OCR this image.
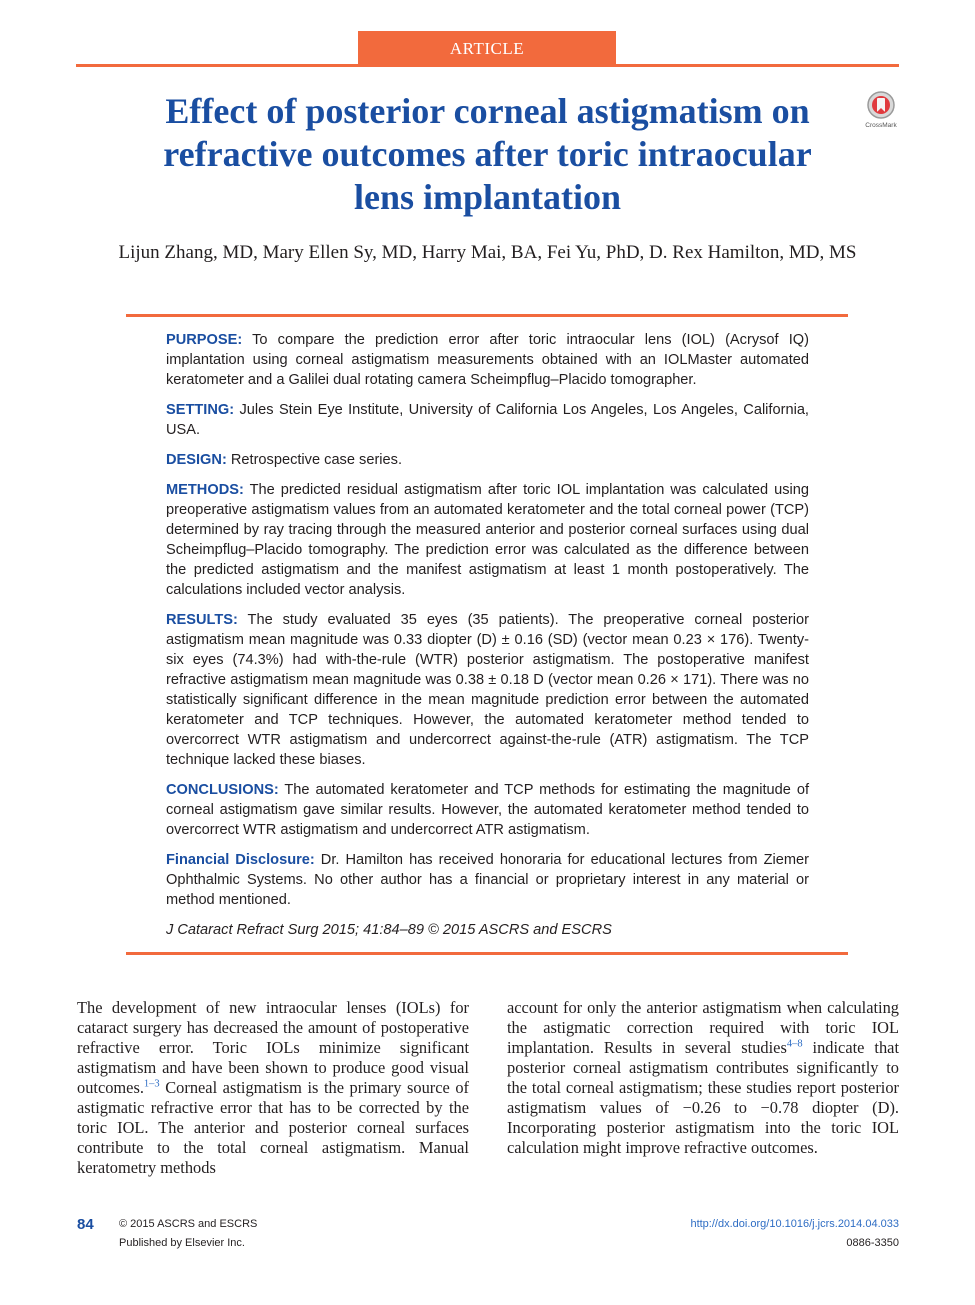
ARTICLE
Effect of posterior corneal astigmatism on refractive outcomes after toric intraocular lens implantation
CrossMark

Lijun Zhang, MD, Mary Ellen Sy, MD, Harry Mai, BA, Fei Yu, PhD, D. Rex Hamilton, MD, MS

PURPOSE: To compare the prediction error after toric intraocular lens (IOL) (Acrysof IQ) implantation using corneal astigmatism measurements obtained with an IOLMaster automated keratometer and a Galilei dual rotating camera Scheimpflug–Placido tomographer.

SETTING: Jules Stein Eye Institute, University of California Los Angeles, Los Angeles, California, USA.

DESIGN: Retrospective case series.

METHODS: The predicted residual astigmatism after toric IOL implantation was calculated using preoperative astigmatism values from an automated keratometer and the total corneal power (TCP) determined by ray tracing through the measured anterior and posterior corneal surfaces using dual Scheimpflug–Placido tomography. The prediction error was calculated as the difference between the predicted astigmatism and the manifest astigmatism at least 1 month postoperatively. The calculations included vector analysis.

RESULTS: The study evaluated 35 eyes (35 patients). The preoperative corneal posterior astigmatism mean magnitude was 0.33 diopter (D) ± 0.16 (SD) (vector mean 0.23 × 176). Twenty-six eyes (74.3%) had with-the-rule (WTR) posterior astigmatism. The postoperative manifest refractive astigmatism mean magnitude was 0.38 ± 0.18 D (vector mean 0.26 × 171). There was no statistically significant difference in the mean magnitude prediction error between the automated keratometer and TCP techniques. However, the automated keratometer method tended to overcorrect WTR astigmatism and undercorrect against-the-rule (ATR) astigmatism. The TCP technique lacked these biases.

CONCLUSIONS: The automated keratometer and TCP methods for estimating the magnitude of corneal astigmatism gave similar results. However, the automated keratometer method tended to overcorrect WTR astigmatism and undercorrect ATR astigmatism.

Financial Disclosure: Dr. Hamilton has received honoraria for educational lectures from Ziemer Ophthalmic Systems. No other author has a financial or proprietary interest in any material or method mentioned.

J Cataract Refract Surg 2015; 41:84–89 © 2015 ASCRS and ESCRS

The development of new intraocular lenses (IOLs) for cataract surgery has decreased the amount of postoperative refractive error. Toric IOLs minimize significant astigmatism and have been shown to produce good visual outcomes.$^{1-3}$ Corneal astigmatism is the primary source of astigmatic refractive error that has to be corrected by the toric IOL. The anterior and posterior corneal surfaces contribute to the total corneal astigmatism. Manual keratometry methods

account for only the anterior astigmatism when calculating the astigmatic correction required with toric IOL implantation. Results in several studies$^{4-8}$ indicate that posterior corneal astigmatism contributes significantly to the total corneal astigmatism; these studies report posterior astigmatism values of −0.26 to −0.78 diopter (D). Incorporating posterior astigmatism into the toric IOL calculation might improve refractive outcomes.

84 © 2015 ASCRS and ESCRS
Published by Elsevier Inc.
http://dx.doi.org/10.1016/j.jcrs.2014.04.033
0886-3350
